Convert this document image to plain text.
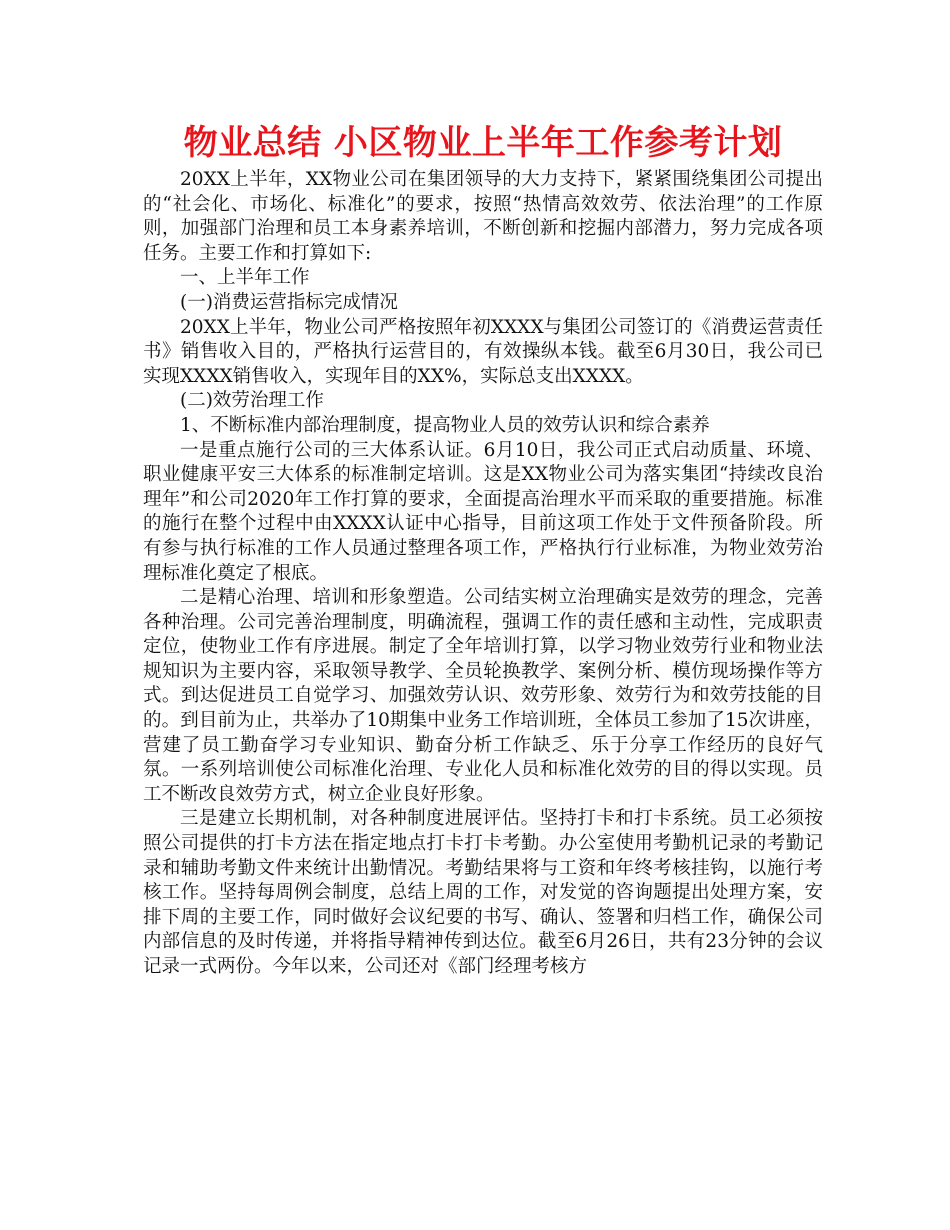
物业总结 小区物业上半年工作参考计划

20XX上半年，XX物业公司在集团领导的大力支持下，紧紧围绕集团公司提出的“社会化、市场化、标准化”的要求，按照“热情高效效劳、依法治理”的工作原则，加强部门治理和员工本身素养培训，不断创新和挖掘内部潜力，努力完成各项任务。主要工作和打算如下:

一、上半年工作

(一)消费运营指标完成情况

20XX上半年，物业公司严格按照年初XXXX与集团公司签订的《消费运营责任书》销售收入目的，严格执行运营目的，有效操纵本钱。截至6月30日，我公司已实现XXXX销售收入，实现年目的XX%，实际总支出XXXX。

(二)效劳治理工作

1、不断标准内部治理制度，提高物业人员的效劳认识和综合素养

一是重点施行公司的三大体系认证。6月10日，我公司正式启动质量、环境、职业健康平安三大体系的标准制定培训。这是XX物业公司为落实集团“持续改良治理年”和公司2020年工作打算的要求，全面提高治理水平而采取的重要措施。标准的施行在整个过程中由XXXX认证中心指导，目前这项工作处于文件预备阶段。所有参与执行标准的工作人员通过整理各项工作，严格执行行业标准，为物业效劳治理标准化奠定了根底。

二是精心治理、培训和形象塑造。公司结实树立治理确实是效劳的理念，完善各种治理。公司完善治理制度，明确流程，强调工作的责任感和主动性，完成职责定位，使物业工作有序进展。制定了全年培训打算，以学习物业效劳行业和物业法规知识为主要内容，采取领导教学、全员轮换教学、案例分析、模仿现场操作等方式。到达促进员工自觉学习、加强效劳认识、效劳形象、效劳行为和效劳技能的目的。到目前为止，共举办了10期集中业务工作培训班，全体员工参加了15次讲座，营建了员工勤奋学习专业知识、勤奋分析工作缺乏、乐于分享工作经历的良好气氛。一系列培训使公司标准化治理、专业化人员和标准化效劳的目的得以实现。员工不断改良效劳方式，树立企业良好形象。

三是建立长期机制，对各种制度进展评估。坚持打卡和打卡系统。员工必须按照公司提供的打卡方法在指定地点打卡打卡考勤。办公室使用考勤机记录的考勤记录和辅助考勤文件来统计出勤情况。考勤结果将与工资和年终考核挂钩，以施行考核工作。坚持每周例会制度，总结上周的工作，对发觉的咨询题提出处理方案，安排下周的主要工作，同时做好会议纪要的书写、确认、签署和归档工作，确保公司内部信息的及时传递，并将指导精神传到达位。截至6月26日，共有23分钟的会议记录一式两份。今年以来，公司还对《部门经理考核方
